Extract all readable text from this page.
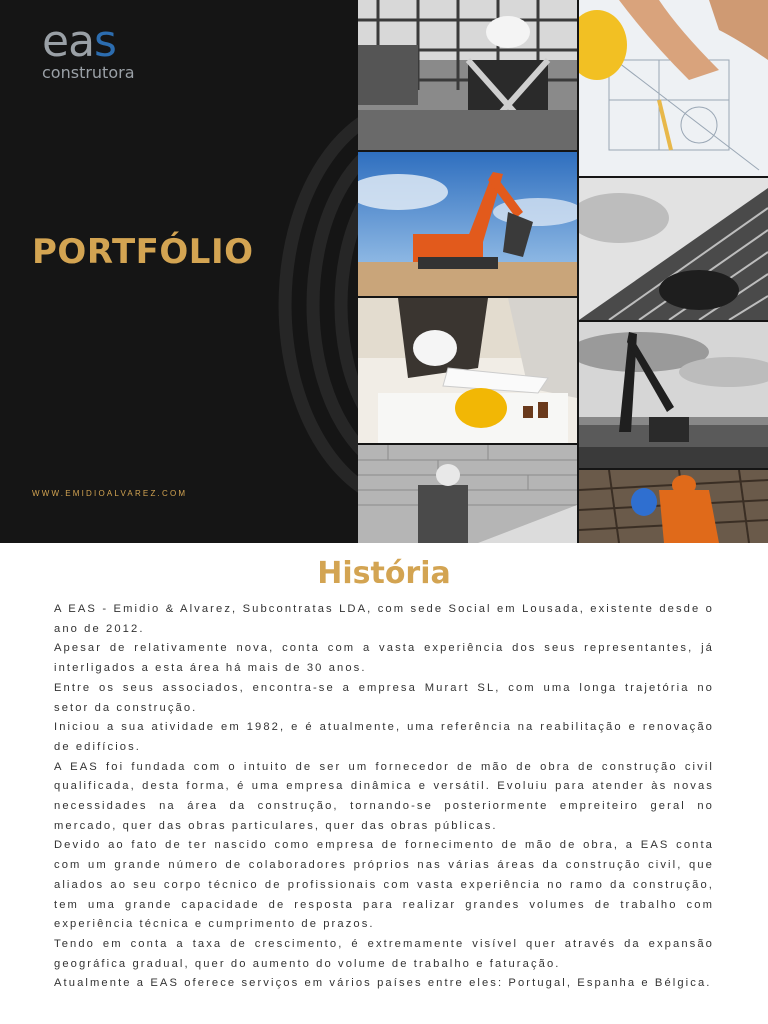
eas
construtora
PORTFÓLIO
WWW.EMIDIOALVAREZ.COM
História

A EAS - Emidio & Alvarez, Subcontratas LDA, com sede Social em Lousada, existente desde o ano de 2012.

Apesar de relativamente nova, conta com a vasta experiência dos seus representantes, já interligados a esta área há mais de 30 anos.

Entre os seus associados, encontra-se a empresa Murart SL, com uma longa trajetória no setor da construção.

Iniciou a sua atividade em 1982, e é atualmente, uma referência na reabilitação e renovação de edifícios.

A EAS foi fundada com o intuito de ser um fornecedor de mão de obra de construção civil qualificada, desta forma, é uma empresa dinâmica e versátil. Evoluiu para atender às novas necessidades na área da construção, tornando-se posteriormente empreiteiro geral no mercado, quer das obras particulares, quer das obras públicas.

Devido ao fato de ter nascido como empresa de fornecimento de mão de obra, a EAS conta com um grande número de colaboradores próprios nas várias áreas da construção civil, que aliados ao seu corpo técnico de profissionais com vasta experiência no ramo da construção, tem uma grande capacidade de resposta para realizar grandes volumes de trabalho com experiência técnica e cumprimento de prazos.

Tendo em conta a taxa de crescimento, é extremamente visível quer através da expansão geográfica gradual, quer do aumento do volume de trabalho e faturação.

Atualmente a EAS oferece serviços em vários países entre eles: Portugal, Espanha e Bélgica.
